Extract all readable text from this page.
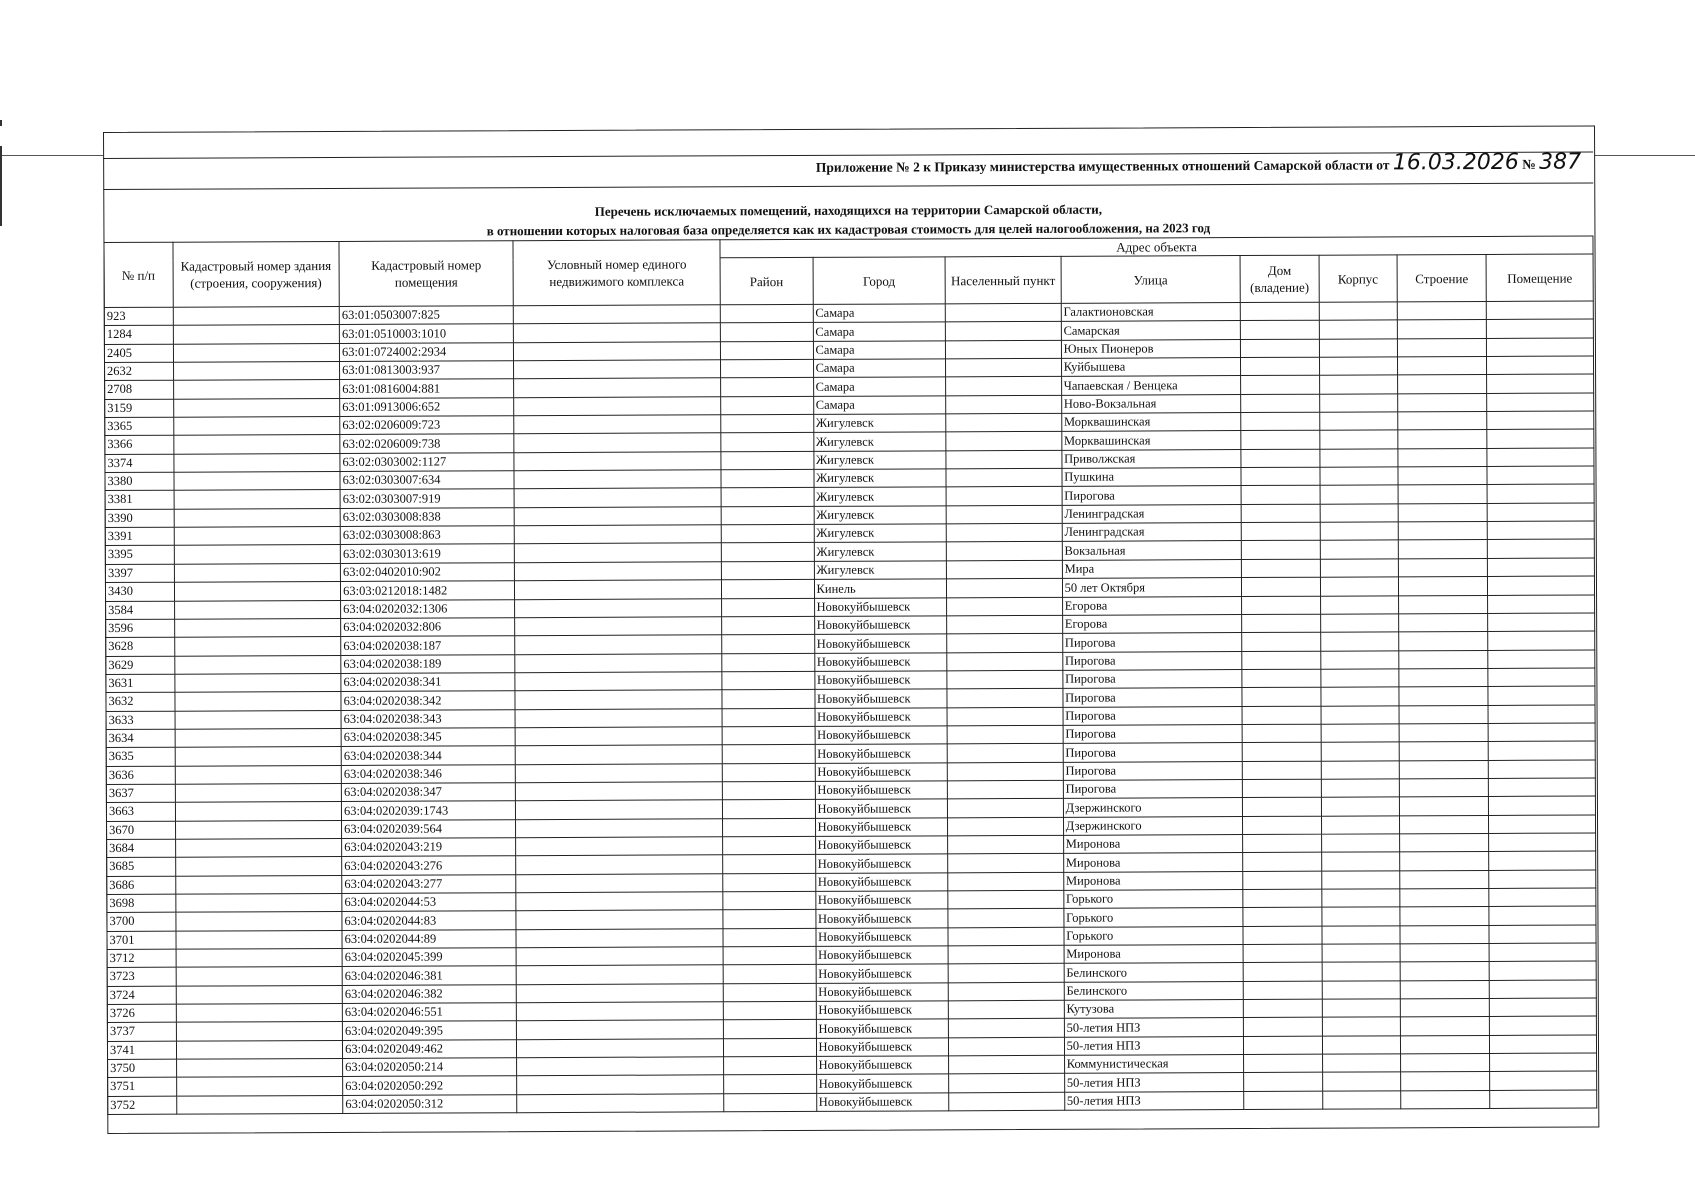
Приложение № 2 к Приказу министерства имущественных отношений Самарской области от 16.03.2026 № 387
Перечень исключаемых помещений, находящихся на территории Самарской области,
в отношении которых налоговая база определяется как их кадастровая стоимость для целей налогообложения, на 2023 год
№ п/п	Кадастровый номер здания (строения, сооружения)	Кадастровый номер помещения	Условный номер единого недвижимого комплекса	Адрес объекта							
				Район	Город	Населенный пункт	Улица	Дом (владение)	Корпус	Строение	Помещение
923		63:01:0503007:825			Самара		Галактионовская				
1284		63:01:0510003:1010			Самара		Самарская				
2405		63:01:0724002:2934			Самара		Юных Пионеров				
2632		63:01:0813003:937			Самара		Куйбышева				
2708		63:01:0816004:881			Самара		Чапаевская / Венцека				
3159		63:01:0913006:652			Самара		Ново-Вокзальная				
3365		63:02:0206009:723			Жигулевск		Морквашинская				
3366		63:02:0206009:738			Жигулевск		Морквашинская				
3374		63:02:0303002:1127			Жигулевск		Приволжская				
3380		63:02:0303007:634			Жигулевск		Пушкина				
3381		63:02:0303007:919			Жигулевск		Пирогова				
3390		63:02:0303008:838			Жигулевск		Ленинградская				
3391		63:02:0303008:863			Жигулевск		Ленинградская				
3395		63:02:0303013:619			Жигулевск		Вокзальная				
3397		63:02:0402010:902			Жигулевск		Мира				
3430		63:03:0212018:1482			Кинель		50 лет Октября				
3584		63:04:0202032:1306			Новокуйбышевск		Егорова				
3596		63:04:0202032:806			Новокуйбышевск		Егорова				
3628		63:04:0202038:187			Новокуйбышевск		Пирогова				
3629		63:04:0202038:189			Новокуйбышевск		Пирогова				
3631		63:04:0202038:341			Новокуйбышевск		Пирогова				
3632		63:04:0202038:342			Новокуйбышевск		Пирогова				
3633		63:04:0202038:343			Новокуйбышевск		Пирогова				
3634		63:04:0202038:345			Новокуйбышевск		Пирогова				
3635		63:04:0202038:344			Новокуйбышевск		Пирогова				
3636		63:04:0202038:346			Новокуйбышевск		Пирогова				
3637		63:04:0202038:347			Новокуйбышевск		Пирогова				
3663		63:04:0202039:1743			Новокуйбышевск		Дзержинского				
3670		63:04:0202039:564			Новокуйбышевск		Дзержинского				
3684		63:04:0202043:219			Новокуйбышевск		Миронова				
3685		63:04:0202043:276			Новокуйбышевск		Миронова				
3686		63:04:0202043:277			Новокуйбышевск		Миронова				
3698		63:04:0202044:53			Новокуйбышевск		Горького				
3700		63:04:0202044:83			Новокуйбышевск		Горького				
3701		63:04:0202044:89			Новокуйбышевск		Горького				
3712		63:04:0202045:399			Новокуйбышевск		Миронова				
3723		63:04:0202046:381			Новокуйбышевск		Белинского				
3724		63:04:0202046:382			Новокуйбышевск		Белинского				
3726		63:04:0202046:551			Новокуйбышевск		Кутузова				
3737		63:04:0202049:395			Новокуйбышевск		50-летия НПЗ				
3741		63:04:0202049:462			Новокуйбышевск		50-летия НПЗ				
3750		63:04:0202050:214			Новокуйбышевск		Коммунистическая				
3751		63:04:0202050:292			Новокуйбышевск		50-летия НПЗ				
3752		63:04:0202050:312			Новокуйбышевск		50-летия НПЗ				
